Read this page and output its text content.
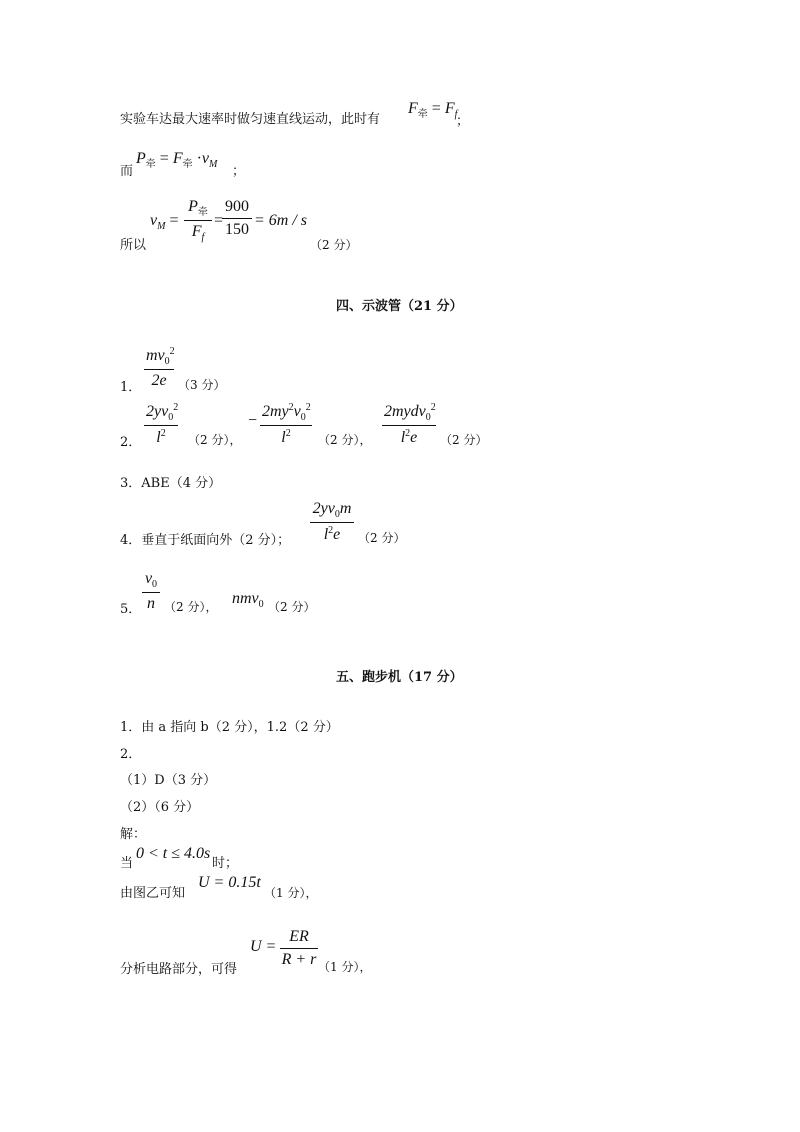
实验车达最大速率时做匀速直线运动，此时有
$F_牵 = F_f$
；
而
$P_牵 = F_牵 \cdot v_M$ ；
所以
$v_M$ =
$P_牵$
$F_f$
=
900
150
= 6m / s
（2 分）
四、示波管（21 分）
$mv_0^2$
2e
1．	（3 分）
2．
$2yv_0^2$
$l^2$	（2 分），
−
$2my^2v_0^2$
$l^2$	（2 分），
2mydv$_0^2$
$l^2e$	（2 分）
3．ABE（4 分）
4．垂直于纸面向外（2 分）；
$2yv_0m$
$l^2e$	（2 分）
5．
$v_0$
n （2 分）， nmv$_0$ （2 分）
五、跑步机（17 分）
1．由 a 指向 b（2 分），1.2（2 分）
2．
（1）D（3 分）
（2）（6 分）
解：
当
0 < t ≤ 4.0s
时；
由图乙可知
U = 0.15t
（1 分），
分析电路部分，可得
U =
ER
R + r （1 分），
